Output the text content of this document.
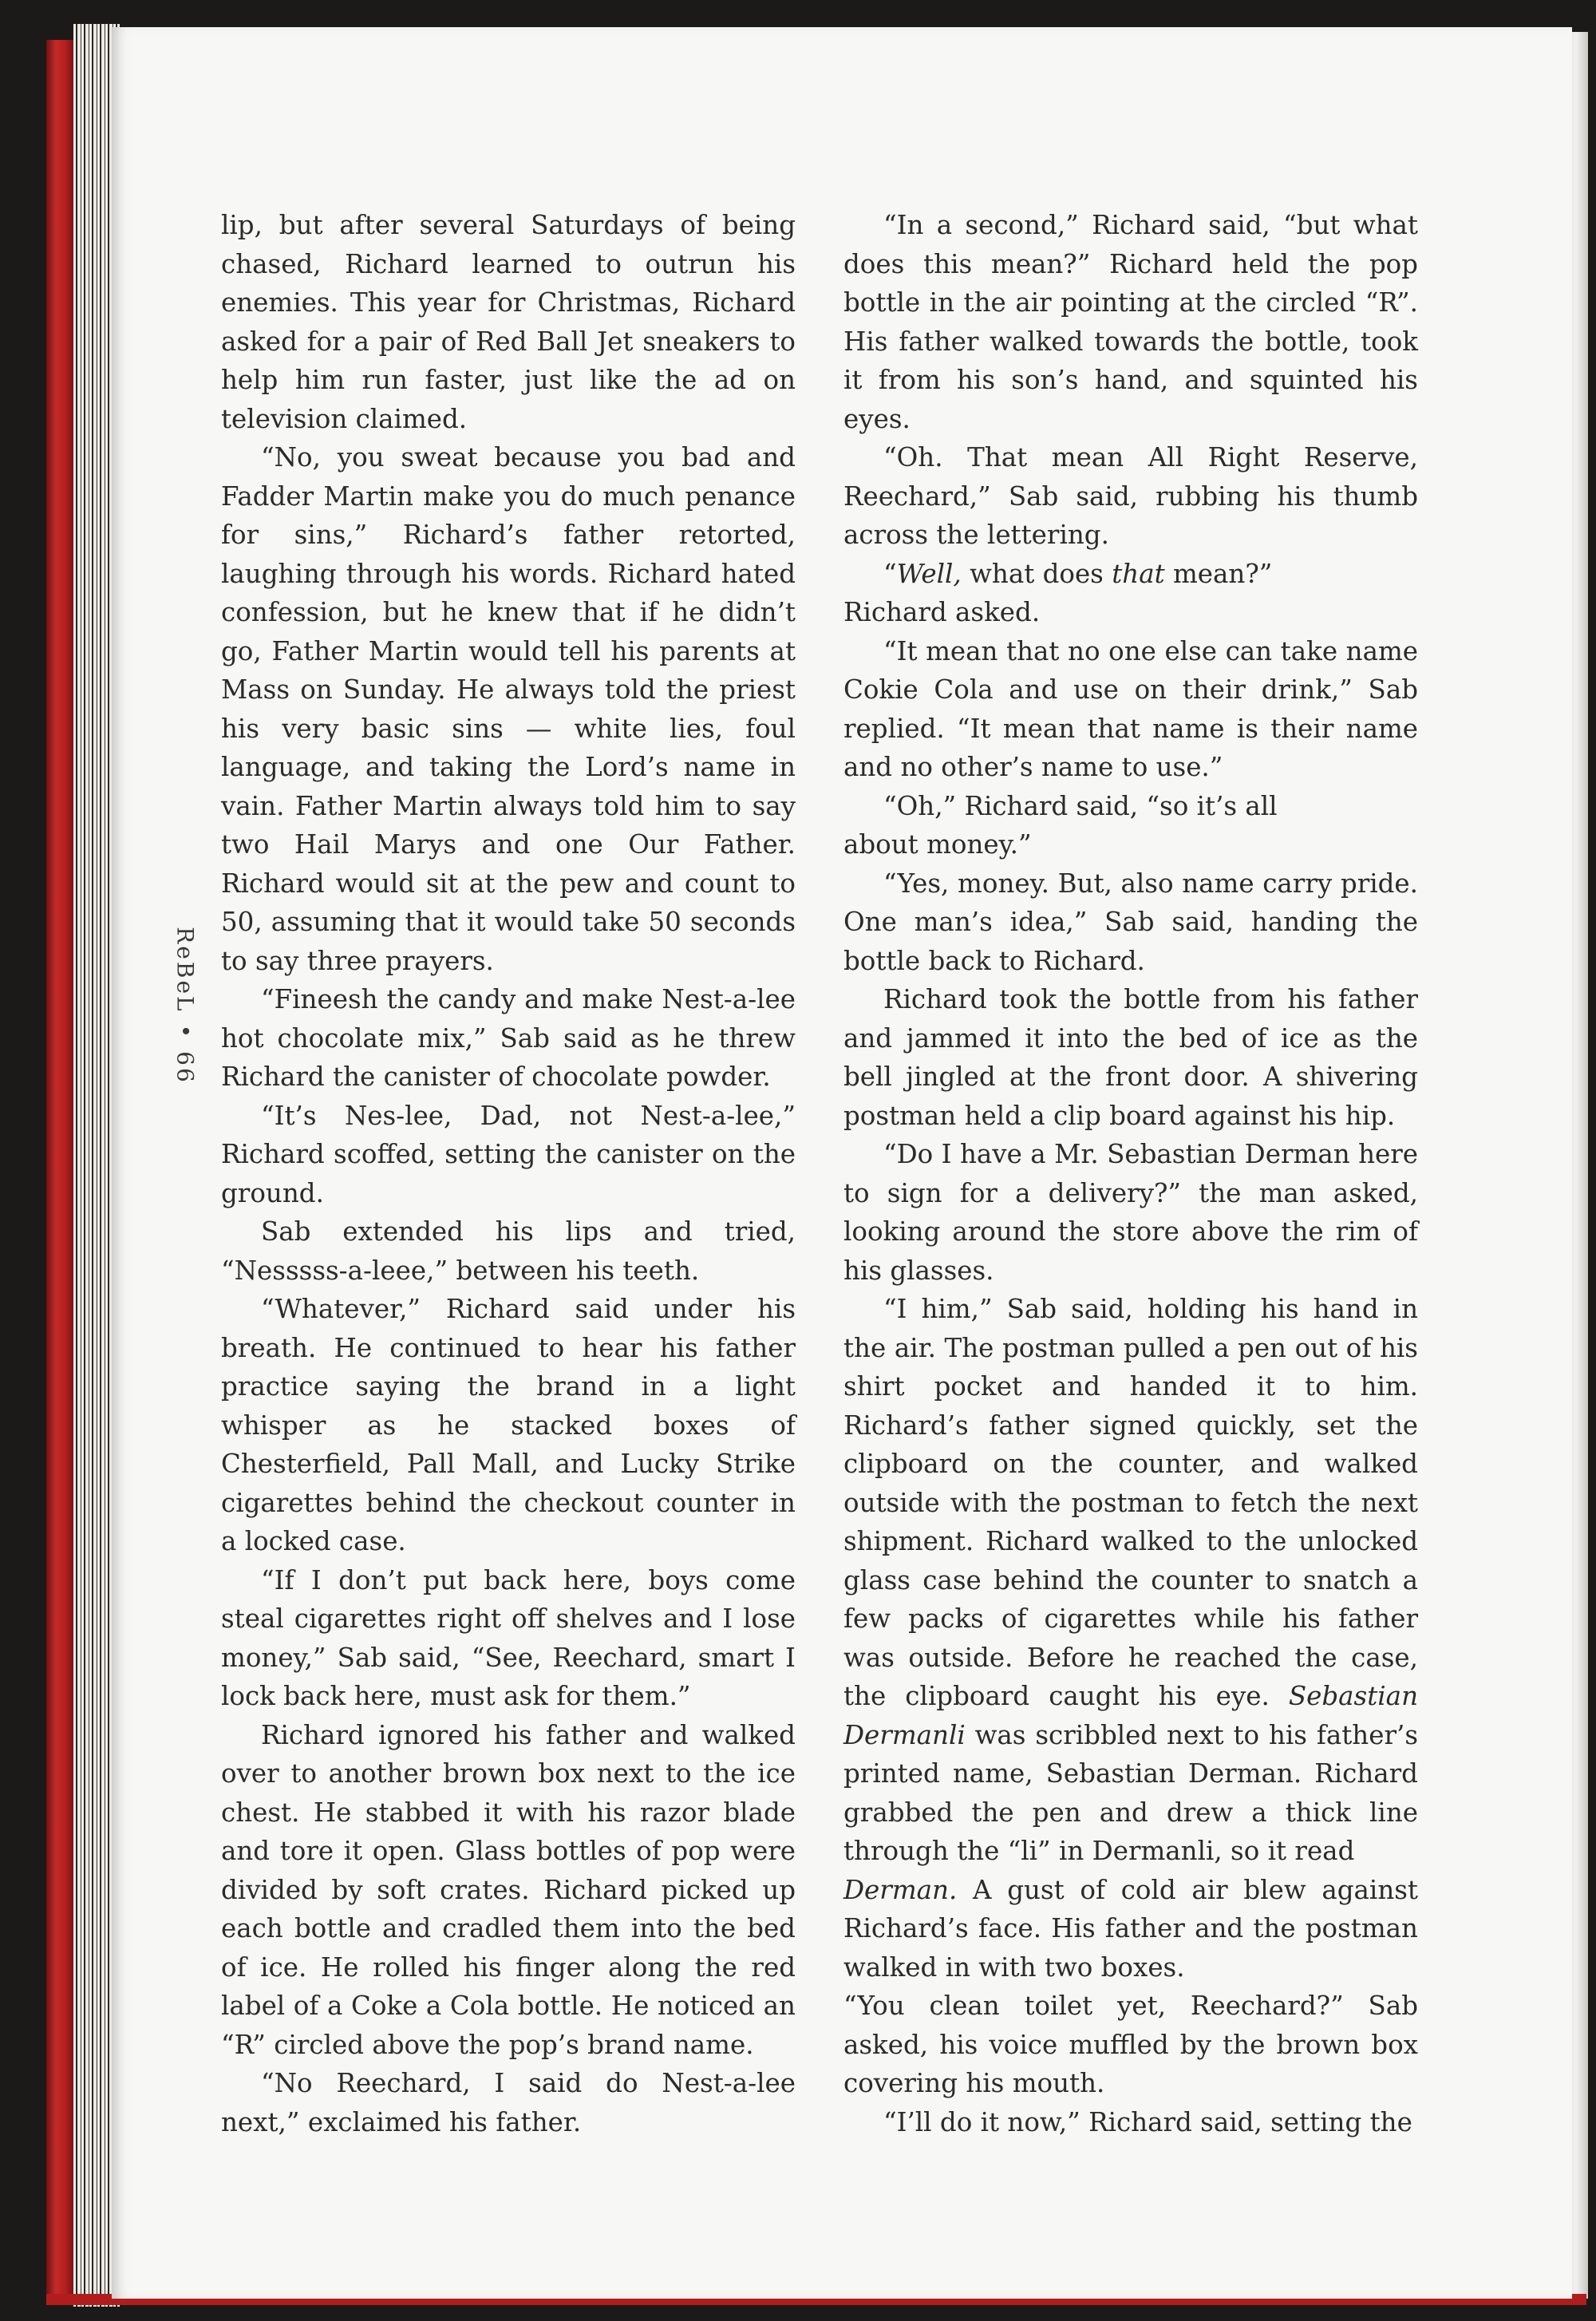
ReBeL•66

lip, but after several Saturdays of being chased, Richard learned to outrun his enemies. This year for Christmas, Richard asked for a pair of Red Ball Jet sneakers to help him run faster, just like the ad on television claimed.

“No, you sweat because you bad and Fadder Martin make you do much penance for sins,” Richard’s father retorted, laughing through his words. Richard hated confession, but he knew that if he didn’t go, Father Martin would tell his parents at Mass on Sunday. He always told the priest his very basic sins — white lies, foul language, and taking the Lord’s name in vain. Father Martin always told him to say two Hail Marys and one Our Father. Richard would sit at the pew and count to 50, assuming that it would take 50 seconds to say three prayers.

“Fineesh the candy and make Nest-a-lee hot chocolate mix,” Sab said as he threw Richard the canister of chocolate powder.

“It’s Nes-lee, Dad, not Nest-a-lee,” Richard scoffed, setting the canister on the ground.

Sab extended his lips and tried, “Nesssss-a-leee,” between his teeth.

“Whatever,” Richard said under his breath. He continued to hear his father practice saying the brand in a light whisper as he stacked boxes of Chesterfield, Pall Mall, and Lucky Strike cigarettes behind the checkout counter in a locked case.

“If I don’t put back here, boys come steal cigarettes right off shelves and I lose money,” Sab said, “See, Reechard, smart I lock back here, must ask for them.”

Richard ignored his father and walked over to another brown box next to the ice chest. He stabbed it with his razor blade and tore it open. Glass bottles of pop were divided by soft crates. Richard picked up each bottle and cradled them into the bed of ice. He rolled his finger along the red label of a Coke a Cola bottle. He noticed an “R” circled above the pop’s brand name.

“No Reechard, I said do Nest-a-lee next,” exclaimed his father.

“In a second,” Richard said, “but what does this mean?” Richard held the pop bottle in the air pointing at the circled “R”. His father walked towards the bottle, took it from his son’s hand, and squinted his eyes.

“Oh. That mean All Right Reserve, Reechard,” Sab said, rubbing his thumb across the lettering.

“Well, what does that mean?”

Richard asked.

“It mean that no one else can take name Cokie Cola and use on their drink,” Sab replied. “It mean that name is their name and no other’s name to use.”

“Oh,” Richard said, “so it’s all

about money.”

“Yes, money. But, also name carry pride. One man’s idea,” Sab said, handing the bottle back to Richard.

Richard took the bottle from his father and jammed it into the bed of ice as the bell jingled at the front door. A shivering postman held a clip board against his hip.

“Do I have a Mr. Sebastian Derman here to sign for a delivery?” the man asked, looking around the store above the rim of his glasses.

“I him,” Sab said, holding his hand in the air. The postman pulled a pen out of his shirt pocket and handed it to him. Richard’s father signed quickly, set the clipboard on the counter, and walked outside with the postman to fetch the next shipment. Richard walked to the unlocked glass case behind the counter to snatch a few packs of cigarettes while his father was outside. Before he reached the case, the clipboard caught his eye. Sebastian Dermanli was scribbled next to his father’s printed name, Sebastian Derman. Richard grabbed the pen and drew a thick line through the “li” in Dermanli, so it read

Derman. A gust of cold air blew against Richard’s face. His father and the postman walked in with two boxes.

“You clean toilet yet, Reechard?” Sab asked, his voice muffled by the brown box covering his mouth.

“I’ll do it now,” Richard said, setting the
